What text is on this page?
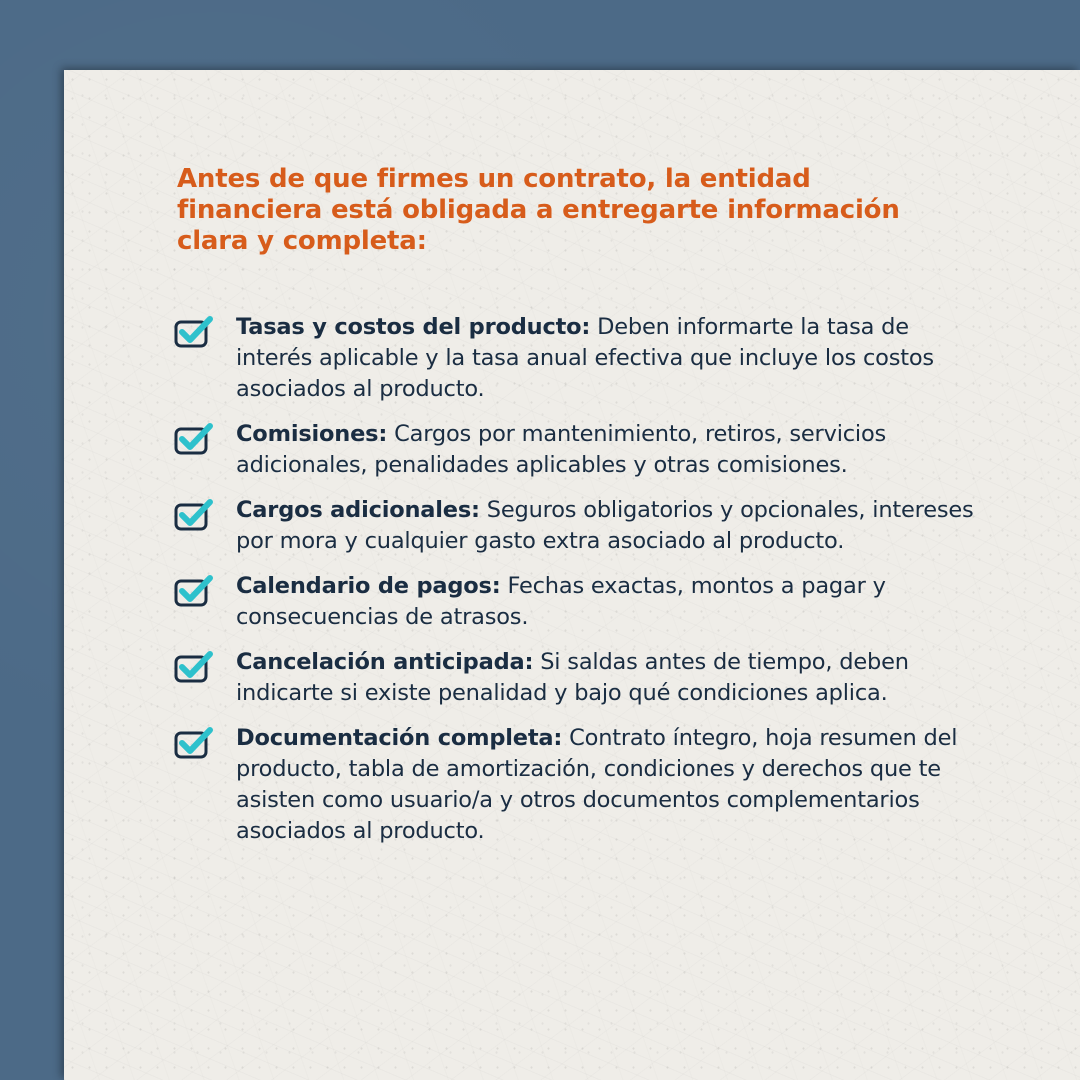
Antes de que firmes un contrato, la entidad financiera está obligada a entregarte información clara y completa:
Tasas y costos del producto: Deben informarte la tasa de interés aplicable y la tasa anual efectiva que incluye los costos asociados al producto.
Comisiones: Cargos por mantenimiento, retiros, servicios adicionales, penalidades aplicables y otras comisiones.
Cargos adicionales: Seguros obligatorios y opcionales, intereses por mora y cualquier gasto extra asociado al producto.
Calendario de pagos: Fechas exactas, montos a pagar y consecuencias de atrasos.
Cancelación anticipada: Si saldas antes de tiempo, deben indicarte si existe penalidad y bajo qué condiciones aplica.
Documentación completa: Contrato íntegro, hoja resumen del producto, tabla de amortización, condiciones y derechos que te asisten como usuario/a y otros documentos complementarios asociados al producto.
